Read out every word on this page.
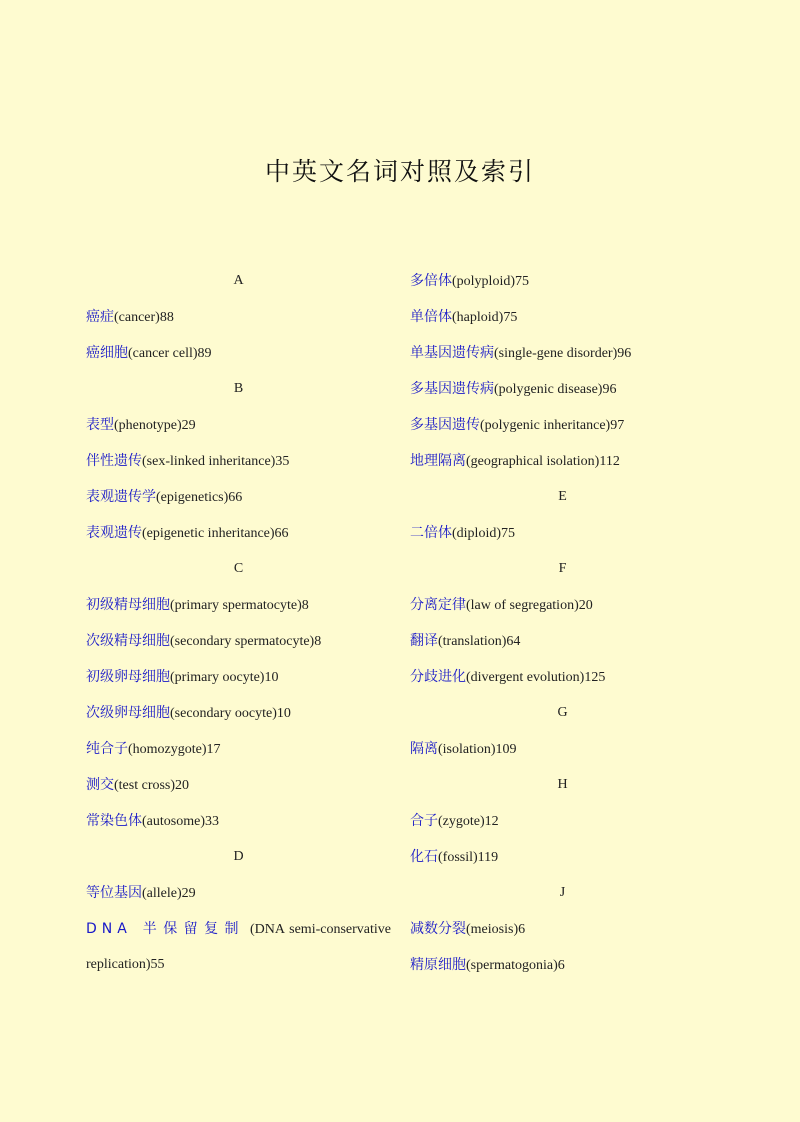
中英文名词对照及索引
A
癌症(cancer)88
癌细胞(cancer cell)89
B
表型(phenotype)29
伴性遗传(sex-linked inheritance)35
表观遗传学(epigenetics)66
表观遗传(epigenetic inheritance)66
C
初级精母细胞(primary spermatocyte)8
次级精母细胞(secondary spermatocyte)8
初级卵母细胞(primary oocyte)10
次级卵母细胞(secondary oocyte)10
纯合子(homozygote)17
测交(test cross)20
常染色体(autosome)33
D
等位基因(allele)29
DNA 半保留复制 (DNA semi-conservative
replication)55
多倍体(polyploid)75
单倍体(haploid)75
单基因遗传病(single-gene disorder)96
多基因遗传病(polygenic disease)96
多基因遗传(polygenic inheritance)97
地理隔离(geographical isolation)112
E
二倍体(diploid)75
F
分离定律(law of segregation)20
翻译(translation)64
分歧进化(divergent evolution)125
G
隔离(isolation)109
H
合子(zygote)12
化石(fossil)119
J
减数分裂(meiosis)6
精原细胞(spermatogonia)6
